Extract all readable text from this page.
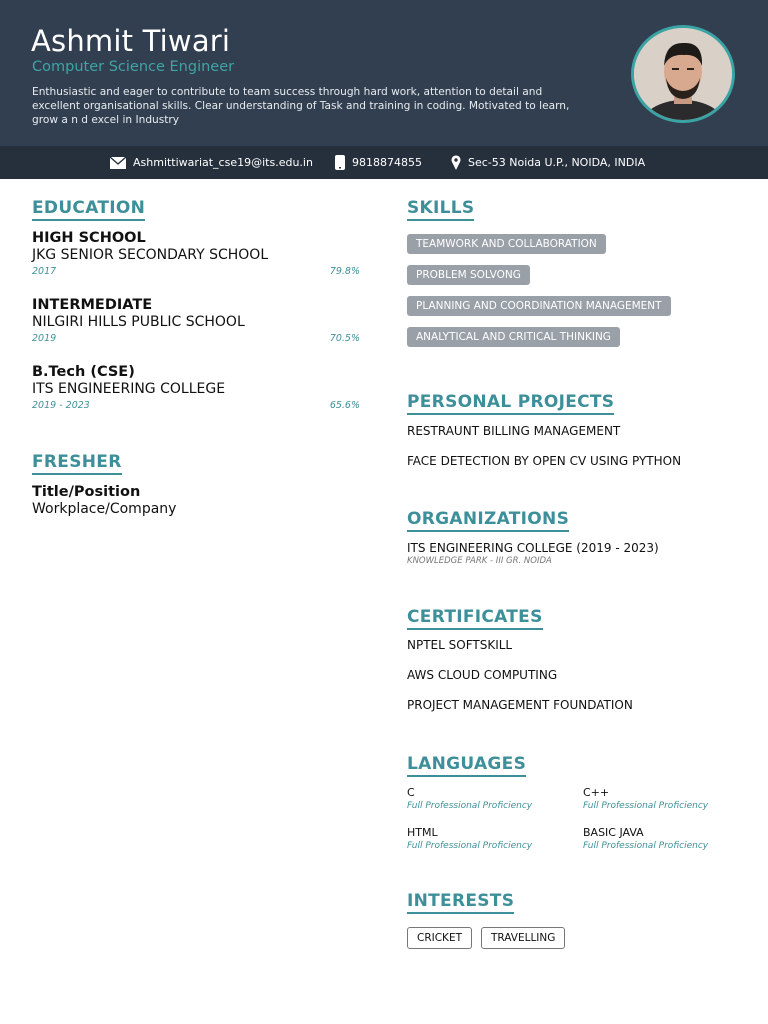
Ashmit Tiwari
Computer Science Engineer
Enthusiastic and eager to contribute to team success through hard work, attention to detail and excellent organisational skills. Clear understanding of Task and training in coding. Motivated to learn, grow a n d excel in Industry
Ashmittiwariat_cse19@its.edu.in	9818874855	Sec-53 Noida U.P., NOIDA, INDIA
EDUCATION
HIGH SCHOOL
JKG SENIOR SECONDARY SCHOOL
2017	79.8%
INTERMEDIATE
NILGIRI HILLS PUBLIC SCHOOL
2019	70.5%
B.Tech (CSE)
ITS ENGINEERING COLLEGE
2019 - 2023	65.6%
FRESHER
Title/Position
Workplace/Company
SKILLS
TEAMWORK AND COLLABORATION
PROBLEM SOLVONG
PLANNING AND COORDINATION MANAGEMENT
ANALYTICAL AND CRITICAL THINKING
PERSONAL PROJECTS
RESTRAUNT BILLING MANAGEMENT
FACE DETECTION BY OPEN CV USING PYTHON
ORGANIZATIONS
ITS ENGINEERING COLLEGE (2019 - 2023)
KNOWLEDGE PARK - III GR. NOIDA
CERTIFICATES
NPTEL SOFTSKILL
AWS CLOUD COMPUTING
PROJECT MANAGEMENT FOUNDATION
LANGUAGES
C
Full Professional Proficiency
C++
Full Professional Proficiency
HTML
Full Professional Proficiency
BASIC JAVA
Full Professional Proficiency
INTERESTS
CRICKET	TRAVELLING
